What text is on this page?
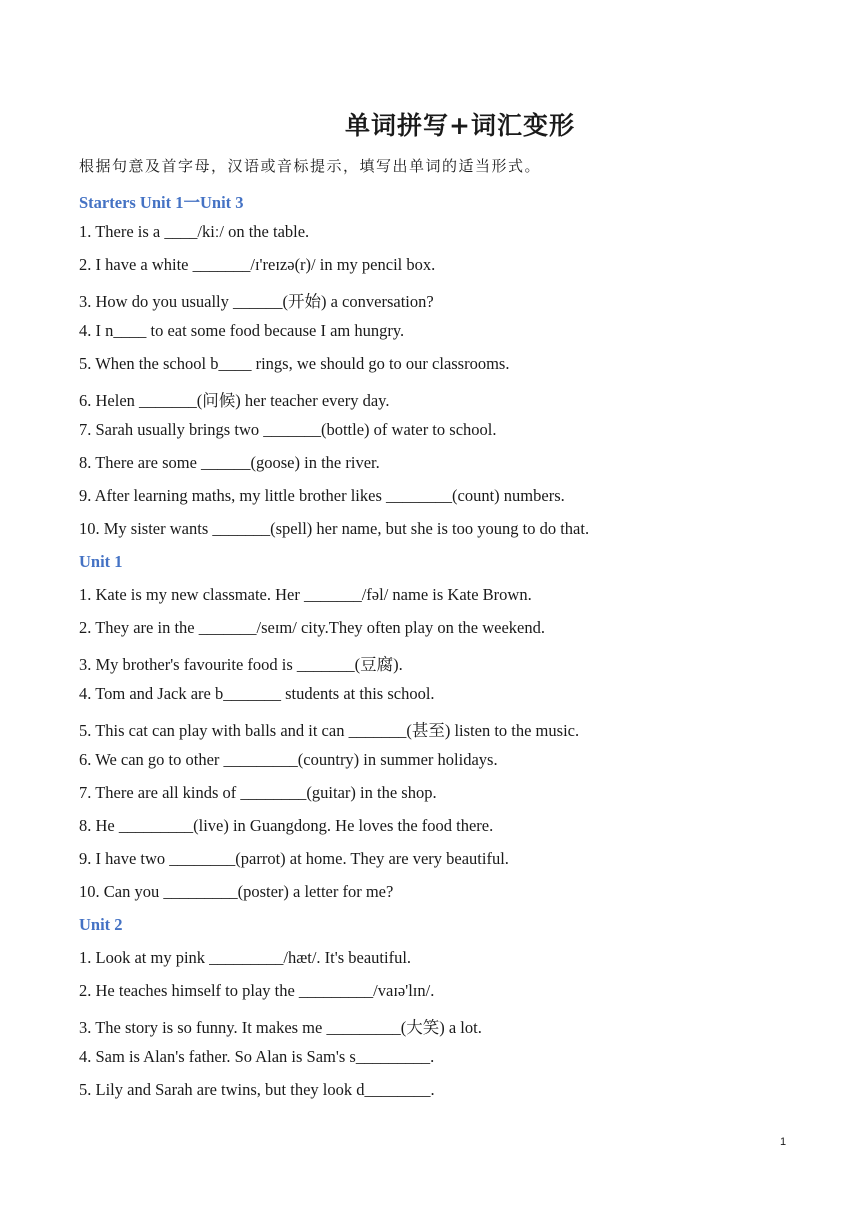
单词拼写+词汇变形
根据句意及首字母，汉语或音标提示，填写出单词的适当形式。
Starters Unit 1一Unit 3
1. There is a ____/kiː/ on the table.
2. I have a white _______/ɪ'reɪzə(r)/ in my pencil box.
3. How do you usually ______(开始) a conversation?
4. I n____ to eat some food because I am hungry.
5. When the school b____ rings, we should go to our classrooms.
6. Helen _______(问候) her teacher every day.
7. Sarah usually brings two _______(bottle) of water to school.
8. There are some ______(goose) in the river.
9. After learning maths, my little brother likes ________(count) numbers.
10. My sister wants _______(spell) her name, but she is too young to do that.
Unit 1
1. Kate is my new classmate. Her _______/fəl/ name is Kate Brown.
2. They are in the _______/seɪm/ city.They often play on the weekend.
3. My brother's favourite food is _______(豆腐).
4. Tom and Jack are b_______ students at this school.
5. This cat can play with balls and it can _______(甚至) listen to the music.
6. We can go to other _________(country) in summer holidays.
7. There are all kinds of ________(guitar) in the shop.
8. He _________(live) in Guangdong. He loves the food there.
9. I have two ________(parrot) at home. They are very beautiful.
10. Can you _________(poster) a letter for me?
Unit 2
1. Look at my pink _________/hæt/. It's beautiful.
2. He teaches himself to play the _________/vaɪə'lɪn/.
3. The story is so funny. It makes me _________(大笑) a lot.
4. Sam is Alan's father. So Alan is Sam's s_________.
5. Lily and Sarah are twins, but they look d________.
1
